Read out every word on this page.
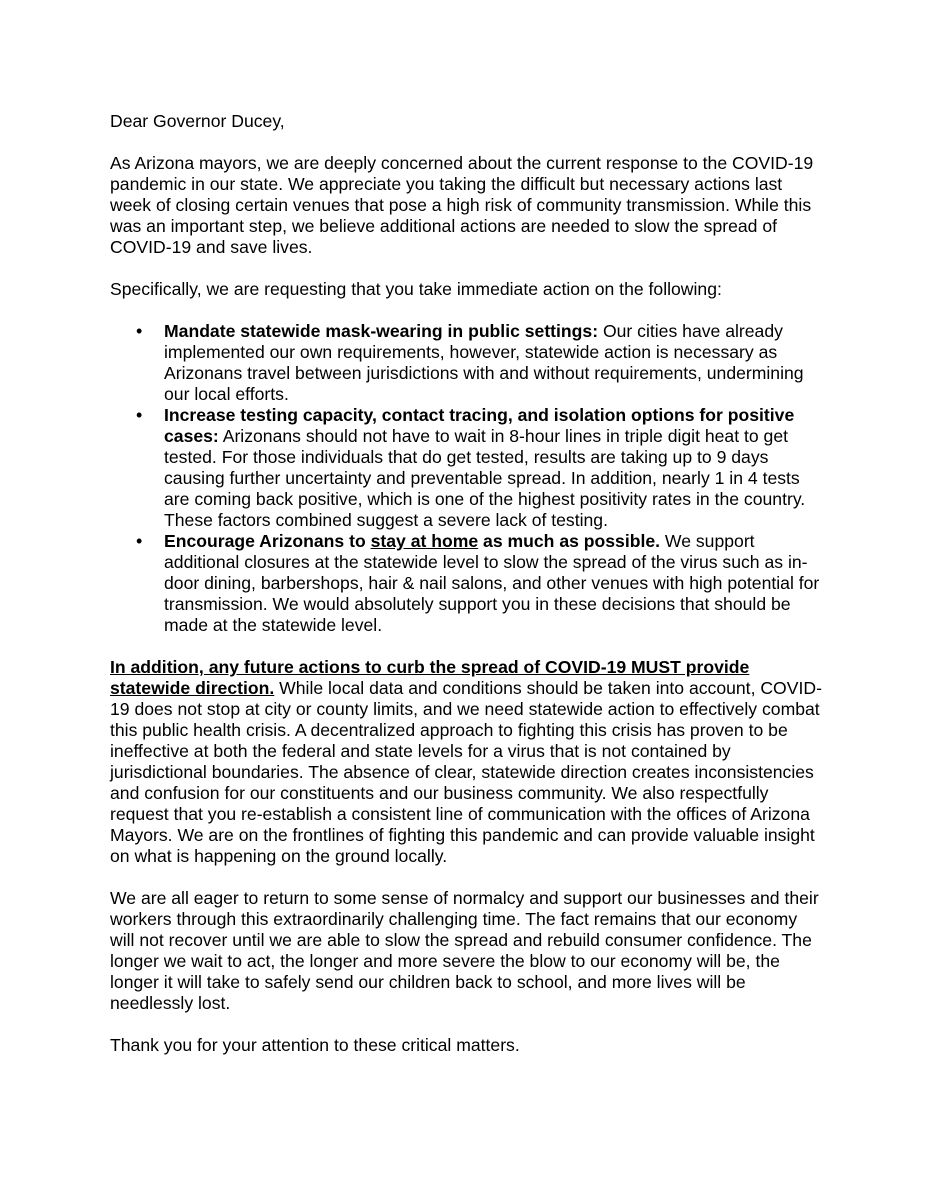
Dear Governor Ducey,

As Arizona mayors, we are deeply concerned about the current response to the COVID-19 pandemic in our state. We appreciate you taking the difficult but necessary actions last week of closing certain venues that pose a high risk of community transmission. While this was an important step, we believe additional actions are needed to slow the spread of COVID-19 and save lives.

Specifically, we are requesting that you take immediate action on the following:

• Mandate statewide mask-wearing in public settings: Our cities have already implemented our own requirements, however, statewide action is necessary as Arizonans travel between jurisdictions with and without requirements, undermining our local efforts.
• Increase testing capacity, contact tracing, and isolation options for positive cases: Arizonans should not have to wait in 8-hour lines in triple digit heat to get tested. For those individuals that do get tested, results are taking up to 9 days causing further uncertainty and preventable spread. In addition, nearly 1 in 4 tests are coming back positive, which is one of the highest positivity rates in the country. These factors combined suggest a severe lack of testing.
• Encourage Arizonans to stay at home as much as possible. We support additional closures at the statewide level to slow the spread of the virus such as in-door dining, barbershops, hair & nail salons, and other venues with high potential for transmission. We would absolutely support you in these decisions that should be made at the statewide level.

In addition, any future actions to curb the spread of COVID-19 MUST provide statewide direction. While local data and conditions should be taken into account, COVID-19 does not stop at city or county limits, and we need statewide action to effectively combat this public health crisis. A decentralized approach to fighting this crisis has proven to be ineffective at both the federal and state levels for a virus that is not contained by jurisdictional boundaries. The absence of clear, statewide direction creates inconsistencies and confusion for our constituents and our business community. We also respectfully request that you re-establish a consistent line of communication with the offices of Arizona Mayors. We are on the frontlines of fighting this pandemic and can provide valuable insight on what is happening on the ground locally.

We are all eager to return to some sense of normalcy and support our businesses and their workers through this extraordinarily challenging time. The fact remains that our economy will not recover until we are able to slow the spread and rebuild consumer confidence. The longer we wait to act, the longer and more severe the blow to our economy will be, the longer it will take to safely send our children back to school, and more lives will be needlessly lost.

Thank you for your attention to these critical matters.
